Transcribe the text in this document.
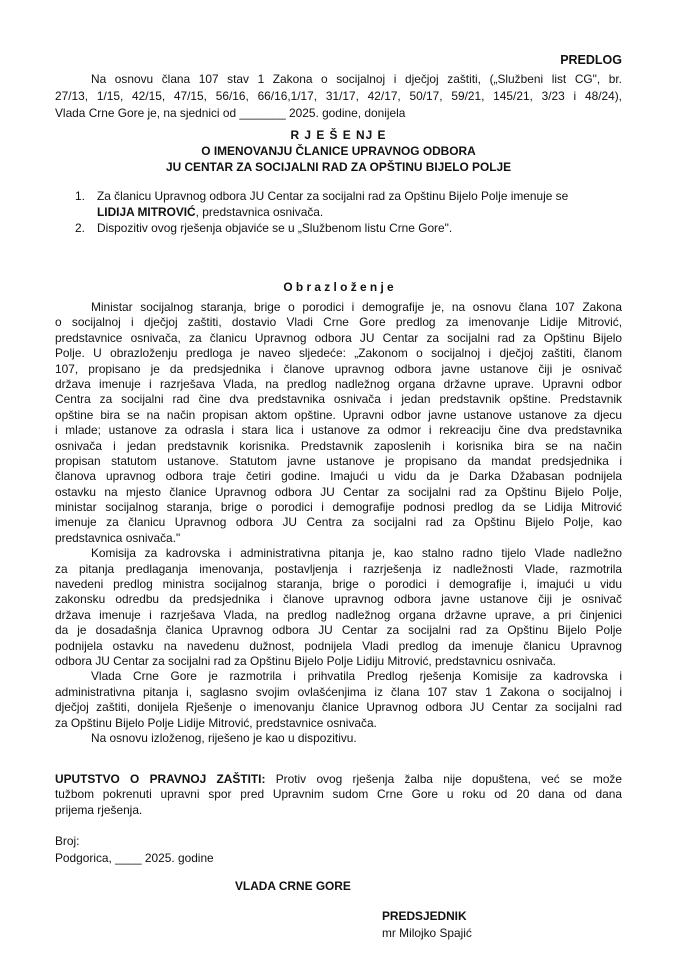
PREDLOG
Na osnovu člana 107 stav 1 Zakona o socijalnoj i dječjoj zaštiti, („Službeni list CG", br.
27/13, 1/15, 42/15, 47/15, 56/16, 66/16,1/17, 31/17, 42/17, 50/17, 59/21, 145/21, 3/23 i 48/24),
Vlada Crne Gore je, na sjednici od _______ 2025. godine, donijela
R J E Š E NJ E
O IMENOVANJU ČLANICE UPRAVNOG ODBORA
JU CENTAR ZA SOCIJALNI RAD ZA OPŠTINU BIJELO POLJE
1. Za članicu Upravnog odbora JU Centar za socijalni rad za Opštinu Bijelo Polje imenuje se
LIDIJA MITROVIĆ, predstavnica osnivača.
2. Dispozitiv ovog rješenja objaviće se u „Službenom listu Crne Gore".
O b r a z l o ž e n j e
Ministar socijalnog staranja, brige o porodici i demografije je, na osnovu člana 107 Zakona
o socijalnoj i dječjoj zaštiti, dostavio Vladi Crne Gore predlog za imenovanje Lidije Mitrović,
predstavnice osnivača, za članicu Upravnog odbora JU Centar za socijalni rad za Opštinu Bijelo
Polje. U obrazloženju predloga je naveo sljedeće: „Zakonom o socijalnoj i dječjoj zaštiti, članom
107, propisano je da predsjednika i članove upravnog odbora javne ustanove čiji je osnivač
država imenuje i razrješava Vlada, na predlog nadležnog organa državne uprave. Upravni odbor
Centra za socijalni rad čine dva predstavnika osnivača i jedan predstavnik opštine. Predstavnik
opštine bira se na način propisan aktom opštine. Upravni odbor javne ustanove ustanove za djecu
i mlade; ustanove za odrasla i stara lica i ustanove za odmor i rekreaciju čine dva predstavnika
osnivača i jedan predstavnik korisnika. Predstavnik zaposlenih i korisnika bira se na način
propisan statutom ustanove. Statutom javne ustanove je propisano da mandat predsjednika i
članova upravnog odbora traje četiri godine. Imajući u vidu da je Darka Džabasan podnijela
ostavku na mjesto članice Upravnog odbora JU Centar za socijalni rad za Opštinu Bijelo Polje,
ministar socijalnog staranja, brige o porodici i demografije podnosi predlog da se Lidija Mitrović
imenuje za članicu Upravnog odbora JU Centra za socijalni rad za Opštinu Bijelo Polje, kao
predstavnica osnivača."
Komisija za kadrovska i administrativna pitanja je, kao stalno radno tijelo Vlade nadležno
za pitanja predlaganja imenovanja, postavljenja i razrješenja iz nadležnosti Vlade, razmotrila
navedeni predlog ministra socijalnog staranja, brige o porodici i demografije i, imajući u vidu
zakonsku odredbu da predsjednika i članove upravnog odbora javne ustanove čiji je osnivač
država imenuje i razrješava Vlada, na predlog nadležnog organa državne uprave, a pri činjenici
da je dosadašnja članica Upravnog odbora JU Centar za socijalni rad za Opštinu Bijelo Polje
podnijela ostavku na navedenu dužnost, podnijela Vladi predlog da imenuje članicu Upravnog
odbora JU Centar za socijalni rad za Opštinu Bijelo Polje Lidiju Mitrović, predstavnicu osnivača.
Vlada Crne Gore je razmotrila i prihvatila Predlog rješenja Komisije za kadrovska i
administrativna pitanja i, saglasno svojim ovlašćenjima iz člana 107 stav 1 Zakona o socijalnoj i
dječjoj zaštiti, donijela Rješenje o imenovanju članice Upravnog odbora JU Centar za socijalni rad
za Opštinu Bijelo Polje Lidije Mitrović, predstavnice osnivača.
Na osnovu izloženog, riješeno je kao u dispozitivu.
UPUTSTVO O PRAVNOJ ZAŠTITI: Protiv ovog rješenja žalba nije dopuštena, već se može
tužbom pokrenuti upravni spor pred Upravnim sudom Crne Gore u roku od 20 dana od dana
prijema rješenja.
Broj:
Podgorica, ____ 2025. godine
VLADA CRNE GORE
PREDSJEDNIK
mr Milojko Spajić
